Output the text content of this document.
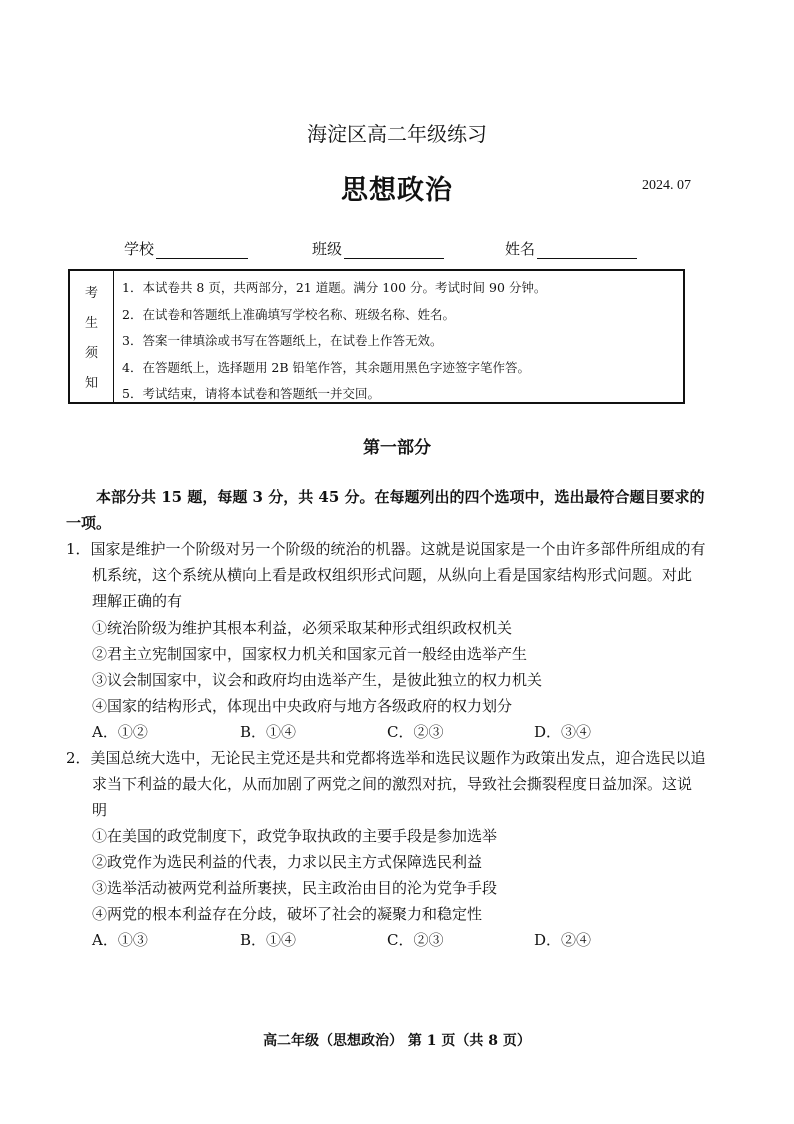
海淀区高二年级练习
思想政治	2024. 07
学校	班级	姓名
考
生
须
知
1．本试卷共 8 页，共两部分，21 道题。满分 100 分。考试时间 90 分钟。
2．在试卷和答题纸上准确填写学校名称、班级名称、姓名。
3．答案一律填涂或书写在答题纸上，在试卷上作答无效。
4．在答题纸上，选择题用 2B 铅笔作答，其余题用黑色字迹签字笔作答。
5．考试结束，请将本试卷和答题纸一并交回。
第一部分
本部分共 15 题，每题 3 分，共 45 分。在每题列出的四个选项中，选出最符合题目要求的一项。
1．国家是维护一个阶级对另一个阶级的统治的机器。这就是说国家是一个由许多部件所组成的有机系统，这个系统从横向上看是政权组织形式问题，从纵向上看是国家结构形式问题。对此理解正确的有
①统治阶级为维护其根本利益，必须采取某种形式组织政权机关
②君主立宪制国家中，国家权力机关和国家元首一般经由选举产生
③议会制国家中，议会和政府均由选举产生，是彼此独立的权力机关
④国家的结构形式，体现出中央政府与地方各级政府的权力划分
A．①②	B．①④	C．②③	D．③④
2．美国总统大选中，无论民主党还是共和党都将选举和选民议题作为政策出发点，迎合选民以追求当下利益的最大化，从而加剧了两党之间的激烈对抗，导致社会撕裂程度日益加深。这说明
①在美国的政党制度下，政党争取执政的主要手段是参加选举
②政党作为选民利益的代表，力求以民主方式保障选民利益
③选举活动被两党利益所裹挟，民主政治由目的沦为党争手段
④两党的根本利益存在分歧，破坏了社会的凝聚力和稳定性
A．①③	B．①④	C．②③	D．②④
高二年级（思想政治） 第 1 页（共 8 页）
